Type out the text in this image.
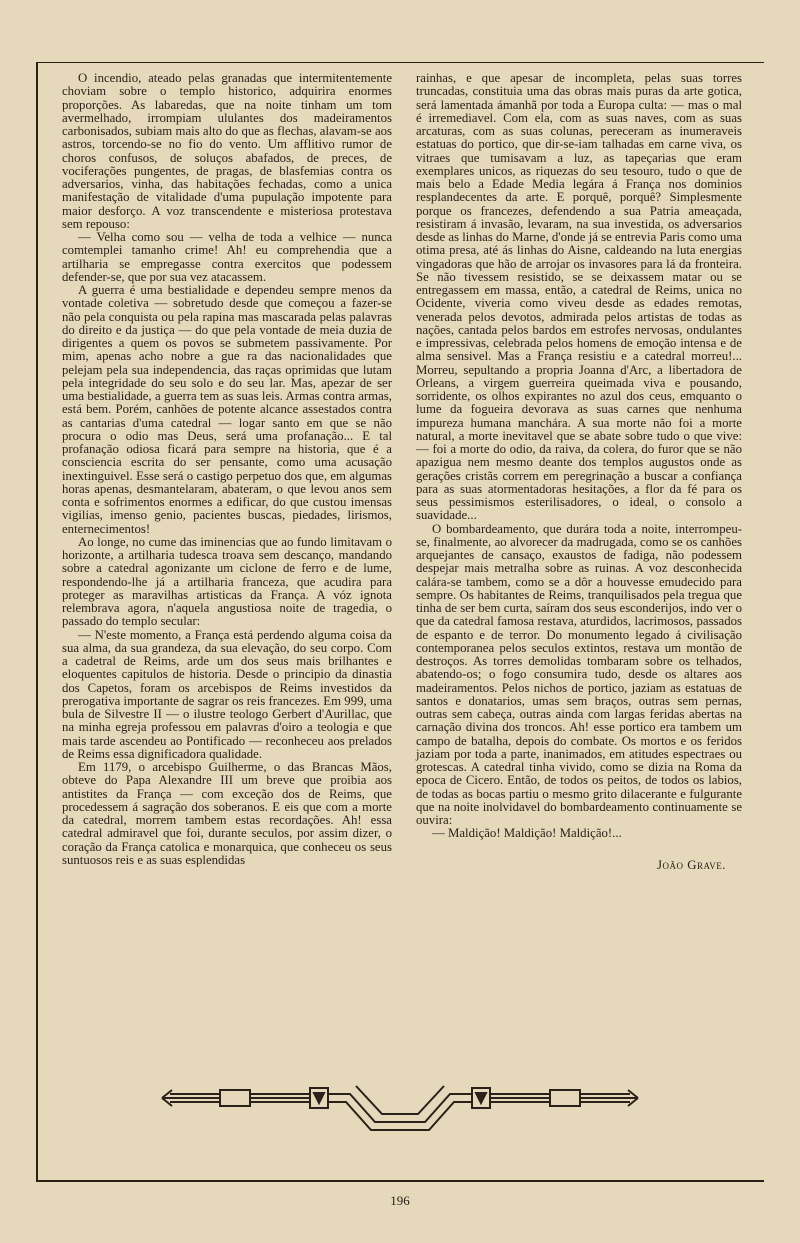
O incendio, ateado pelas granadas que intermitentemente choviam sobre o templo historico, adquirira enormes proporções. As labaredas, que na noite tinham um tom avermelhado, irrompiam ululantes dos madeiramentos carbonisados, subiam mais alto do que as flechas, alavam-se aos astros, torcendo-se no fio do vento. Um afflitivo rumor de choros confusos, de soluços abafados, de preces, de vociferações pungentes, de pragas, de blasfemias contra os adversarios, vinha, das habitações fechadas, como a unica manifestação de vitalidade d'uma pupulação impotente para maior desforço. A voz transcendente e misteriosa protestava sem repouso:

— Velha como sou — velha de toda a velhice — nunca comtemplei tamanho crime! Ah! eu comprehendia que a artilharia se empregasse contra exercitos que podessem defender-se, que por sua vez atacassem.

A guerra é uma bestialidade e dependeu sempre menos da vontade coletiva — sobretudo desde que começou a fazer-se não pela conquista ou pela rapina mas mascarada pelas palavras do direito e da justiça — do que pela vontade de meia duzia de dirigentes a quem os povos se submetem passivamente. Por mim, apenas acho nobre a gue ra das nacionalidades que pelejam pela sua independencia, das raças oprimidas que lutam pela integridade do seu solo e do seu lar. Mas, apezar de ser uma bestialidade, a guerra tem as suas leis. Armas contra armas, está bem. Porém, canhões de potente alcance assestados contra as cantarias d'uma catedral — logar santo em que se não procura o odio mas Deus, será uma profanação... E tal profanação odiosa ficará para sempre na historia, que é a consciencia escrita do ser pensante, como uma acusação inextinguivel. Esse será o castigo perpetuo dos que, em algumas horas apenas, desmantelaram, abateram, o que levou anos sem conta e sofrimentos enormes a edificar, do que custou imensas vigilias, imenso genio, pacientes buscas, piedades, lirismos, enternecimentos!

Ao longe, no cume das iminencias que ao fundo limitavam o horizonte, a artilharia tudesca troava sem descanço, mandando sobre a catedral agonizante um ciclone de ferro e de lume, respondendo-lhe já a artilharia franceza, que acudira para proteger as maravilhas artisticas da França. A vóz ignota relembrava agora, n'aquela angustiosa noite de tragedia, o passado do templo secular:

— N'este momento, a França está perdendo alguma coisa da sua alma, da sua grandeza, da sua elevação, do seu corpo. Com a cadetral de Reims, arde um dos seus mais brilhantes e eloquentes capitulos de historia. Desde o principio da dinastia dos Capetos, foram os arcebispos de Reims investidos da prerogativa importante de sagrar os reis francezes. Em 999, uma bula de Silvestre II — o ilustre teologo Gerbert d'Aurillac, que na minha egreja professou em palavras d'oiro a teologia e que mais tarde ascendeu ao Pontificado — reconheceu aos prelados de Reims essa dignificadora qualidade.

Em 1179, o arcebispo Guilherme, o das Brancas Mãos, obteve do Papa Alexandre III um breve que proibia aos antistites da França — com exceção dos de Reims, que procedessem á sagração dos soberanos. E eis que com a morte da catedral, morrem tambem estas recordações. Ah! essa catedral admiravel que foi, durante seculos, por assim dizer, o coração da França catolica e monarquica, que conheceu os seus suntuosos reis e as suas esplendidas

rainhas, e que apesar de incompleta, pelas suas torres truncadas, constituia uma das obras mais puras da arte gotica, será lamentada ámanhã por toda a Europa culta: — mas o mal é irremediavel. Com ela, com as suas naves, com as suas arcaturas, com as suas colunas, pereceram as inumeraveis estatuas do portico, que dir-se-iam talhadas em carne viva, os vitraes que tumisavam a luz, as tapeçarias que eram exemplares unicos, as riquezas do seu tesouro, tudo o que de mais belo a Edade Media legára á França nos dominios resplandecentes da arte. E porquê, porquê? Simplesmente porque os francezes, defendendo a sua Patria ameaçada, resistiram á invasão, levaram, na sua investida, os adversarios desde as linhas do Marne, d'onde já se entrevia Paris como uma otima presa, até ás linhas do Aisne, caldeando na luta energias vingadoras que hão de arrojar os invasores para lá da fronteira. Se não tivessem resistido, se se deixassem matar ou se entregassem em massa, então, a catedral de Reims, unica no Ocidente, viveria como viveu desde as edades remotas, venerada pelos devotos, admirada pelos artistas de todas as nações, cantada pelos bardos em estrofes nervosas, ondulantes e impressivas, celebrada pelos homens de emoção intensa e de alma sensivel. Mas a França resistiu e a catedral morreu!... Morreu, sepultando a propria Joanna d'Arc, a libertadora de Orleans, a virgem guerreira queimada viva e pousando, sorridente, os olhos expirantes no azul dos ceus, emquanto o lume da fogueira devorava as suas carnes que nenhuma impureza humana manchára. A sua morte não foi a morte natural, a morte inevitavel que se abate sobre tudo o que vive: — foi a morte do odio, da raiva, da colera, do furor que se não apazigua nem mesmo deante dos templos augustos onde as gerações cristãs correm em peregrinação a buscar a confiança para as suas atormentadoras hesitações, a flor da fé para os seus pessimismos esterilisadores, o ideal, o consolo a suavidade...

O bombardeamento, que durára toda a noite, interrompeu-se, finalmente, ao alvorecer da madrugada, como se os canhões arquejantes de cansaço, exaustos de fadiga, não podessem despejar mais metralha sobre as ruinas. A voz desconhecida calára-se tambem, como se a dôr a houvesse emudecido para sempre. Os habitantes de Reims, tranquilisados pela tregua que tinha de ser bem curta, saíram dos seus esconderijos, indo ver o que da catedral famosa restava, aturdidos, lacrimosos, passados de espanto e de terror. Do monumento legado á civilisação contemporanea pelos seculos extintos, restava um montão de destroços. As torres demolidas tombaram sobre os telhados, abatendo-os; o fogo consumira tudo, desde os altares aos madeiramentos. Pelos nichos de portico, jaziam as estatuas de santos e donatarios, umas sem braços, outras sem pernas, outras sem cabeça, outras ainda com largas feridas abertas na carnação divina dos troncos. Ah! esse portico era tambem um campo de batalha, depois do combate. Os mortos e os feridos jaziam por toda a parte, inanimados, em atitudes espectraes ou grotescas. A catedral tinha vivido, como se dizia na Roma da epoca de Cicero. Então, de todos os peitos, de todos os labios, de todas as bocas partiu o mesmo grito dilacerante e fulgurante que na noite inolvidavel do bombardeamento continuamente se ouvira:

— Maldição! Maldição! Maldição!...

João Grave.
196
